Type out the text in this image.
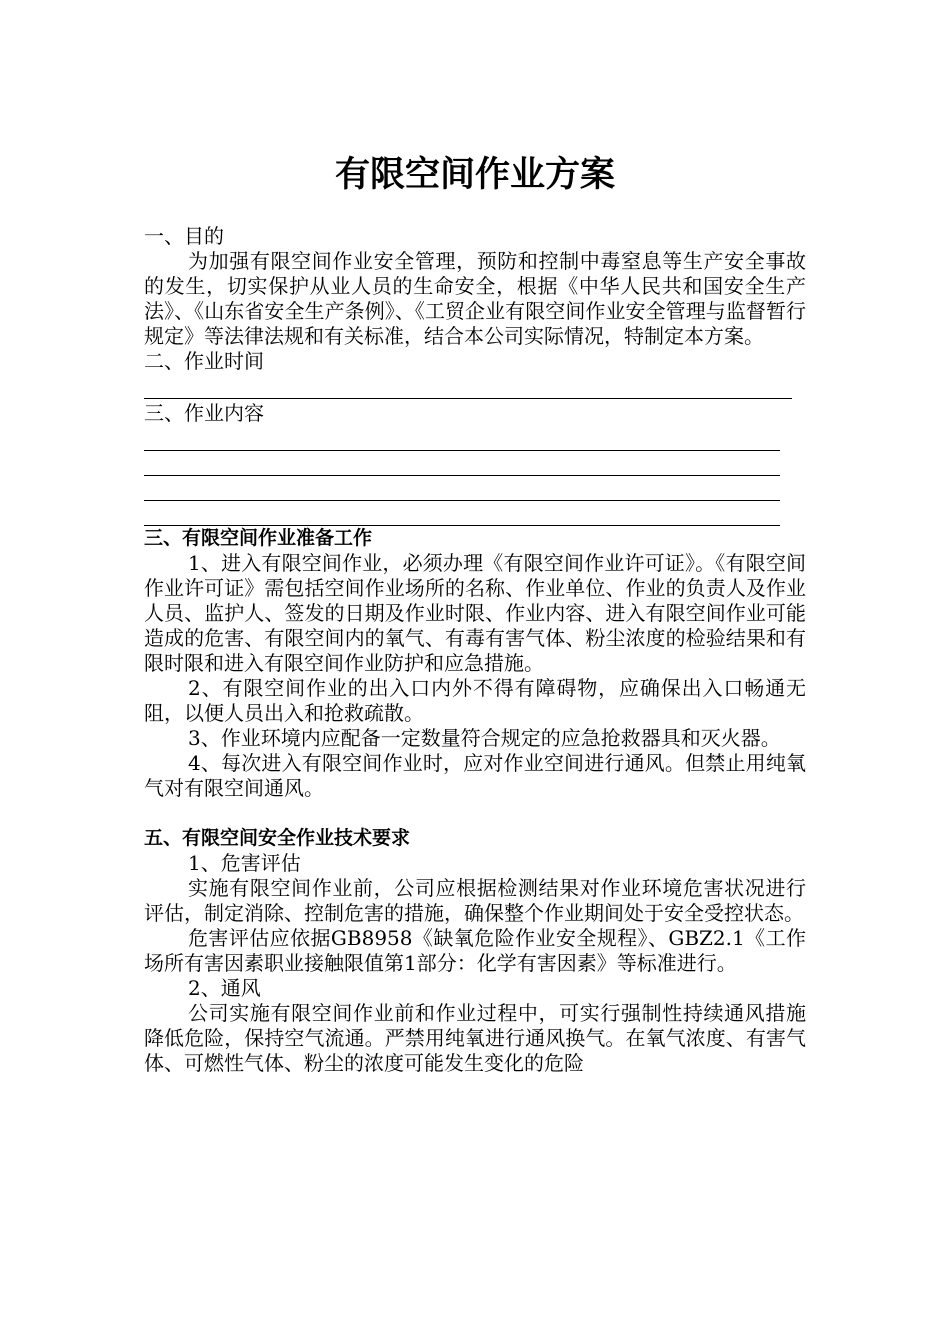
有限空间作业方案

一、目的

为加强有限空间作业安全管理，预防和控制中毒窒息等生产安全事故的发生，切实保护从业人员的生命安全，根据《中华人民共和国安全生产法》、《山东省安全生产条例》、《工贸企业有限空间作业安全管理与监督暂行规定》等法律法规和有关标准，结合本公司实际情况，特制定本方案。

二、作业时间

三、作业内容

三、有限空间作业准备工作

1、进入有限空间作业，必须办理《有限空间作业许可证》。《有限空间作业许可证》需包括空间作业场所的名称、作业单位、作业的负责人及作业人员、监护人、签发的日期及作业时限、作业内容、进入有限空间作业可能造成的危害、有限空间内的氧气、有毒有害气体、粉尘浓度的检验结果和有限时限和进入有限空间作业防护和应急措施。

2、有限空间作业的出入口内外不得有障碍物，应确保出入口畅通无阻，以便人员出入和抢救疏散。

3、作业环境内应配备一定数量符合规定的应急抢救器具和灭火器。

4、每次进入有限空间作业时，应对作业空间进行通风。但禁止用纯氧气对有限空间通风。

五、有限空间安全作业技术要求

1、危害评估

实施有限空间作业前，公司应根据检测结果对作业环境危害状况进行评估，制定消除、控制危害的措施，确保整个作业期间处于安全受控状态。

危害评估应依据GB8958《缺氧危险作业安全规程》、GBZ2.1《工作场所有害因素职业接触限值第1部分：化学有害因素》等标准进行。

2、通风

公司实施有限空间作业前和作业过程中，可实行强制性持续通风措施降低危险，保持空气流通。严禁用纯氧进行通风换气。在氧气浓度、有害气体、可燃性气体、粉尘的浓度可能发生变化的危险
